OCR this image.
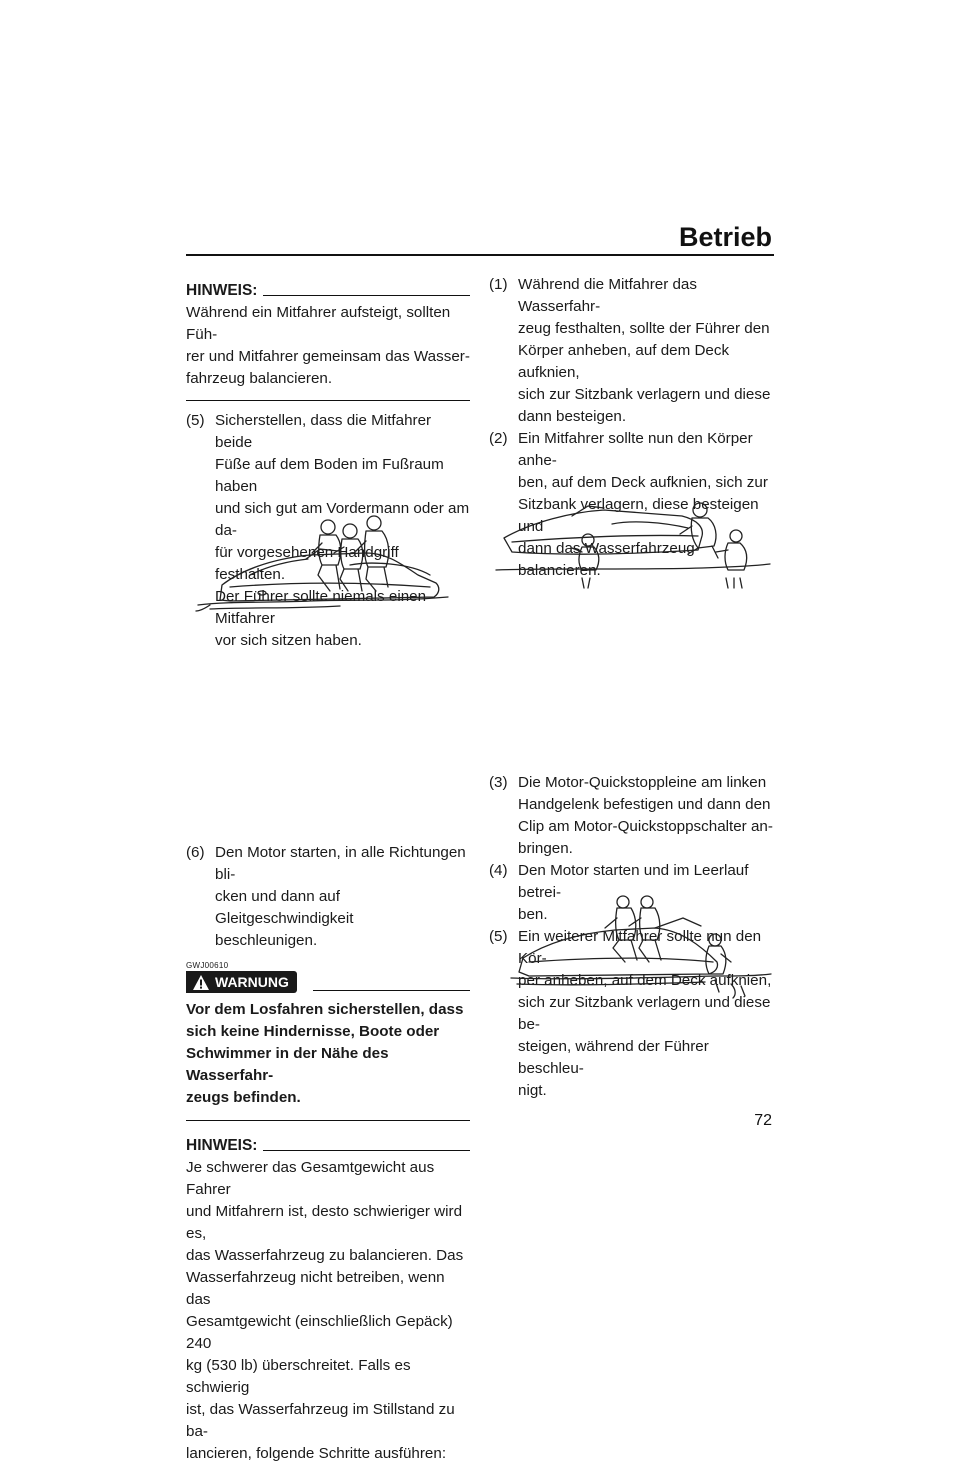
Betrieb
HINWEIS:
Während ein Mitfahrer aufsteigt, sollten Füh-
rer und Mitfahrer gemeinsam das Wasser-
fahrzeug balancieren.
(5) Sicherstellen, dass die Mitfahrer beide
Füße auf dem Boden im Fußraum haben
und sich gut am Vordermann oder am da-
für vorgesehenen Handgriff festhalten.
Der Führer sollte niemals einen Mitfahrer
vor sich sitzen haben.
(6) Den Motor starten, in alle Richtungen bli-
cken und dann auf Gleitgeschwindigkeit
beschleunigen.
GWJ00610
WARNUNG
Vor dem Losfahren sicherstellen, dass
sich keine Hindernisse, Boote oder
Schwimmer in der Nähe des Wasserfahr-
zeugs befinden.
HINWEIS:
Je schwerer das Gesamtgewicht aus Fahrer
und Mitfahrern ist, desto schwieriger wird es,
das Wasserfahrzeug zu balancieren. Das
Wasserfahrzeug nicht betreiben, wenn das
Gesamtgewicht (einschließlich Gepäck) 240
kg (530 lb) überschreitet. Falls es schwierig
ist, das Wasserfahrzeug im Stillstand zu ba-
lancieren, folgende Schritte ausführen:
(1) Während die Mitfahrer das Wasserfahr-
zeug festhalten, sollte der Führer den
Körper anheben, auf dem Deck aufknien,
sich zur Sitzbank verlagern und diese
dann besteigen.
(2) Ein Mitfahrer sollte nun den Körper anhe-
ben, auf dem Deck aufknien, sich zur
Sitzbank verlagern, diese besteigen und
dann das Wasserfahrzeug balancieren.
(3) Die Motor-Quickstoppleine am linken
Handgelenk befestigen und dann den
Clip am Motor-Quickstoppschalter an-
bringen.
(4) Den Motor starten und im Leerlauf betrei-
ben.
(5) Ein weiterer Mitfahrer sollte nun den Kör-
per anheben, auf dem Deck aufknien,
sich zur Sitzbank verlagern und diese be-
steigen, während der Führer beschleu-
nigt.
72
